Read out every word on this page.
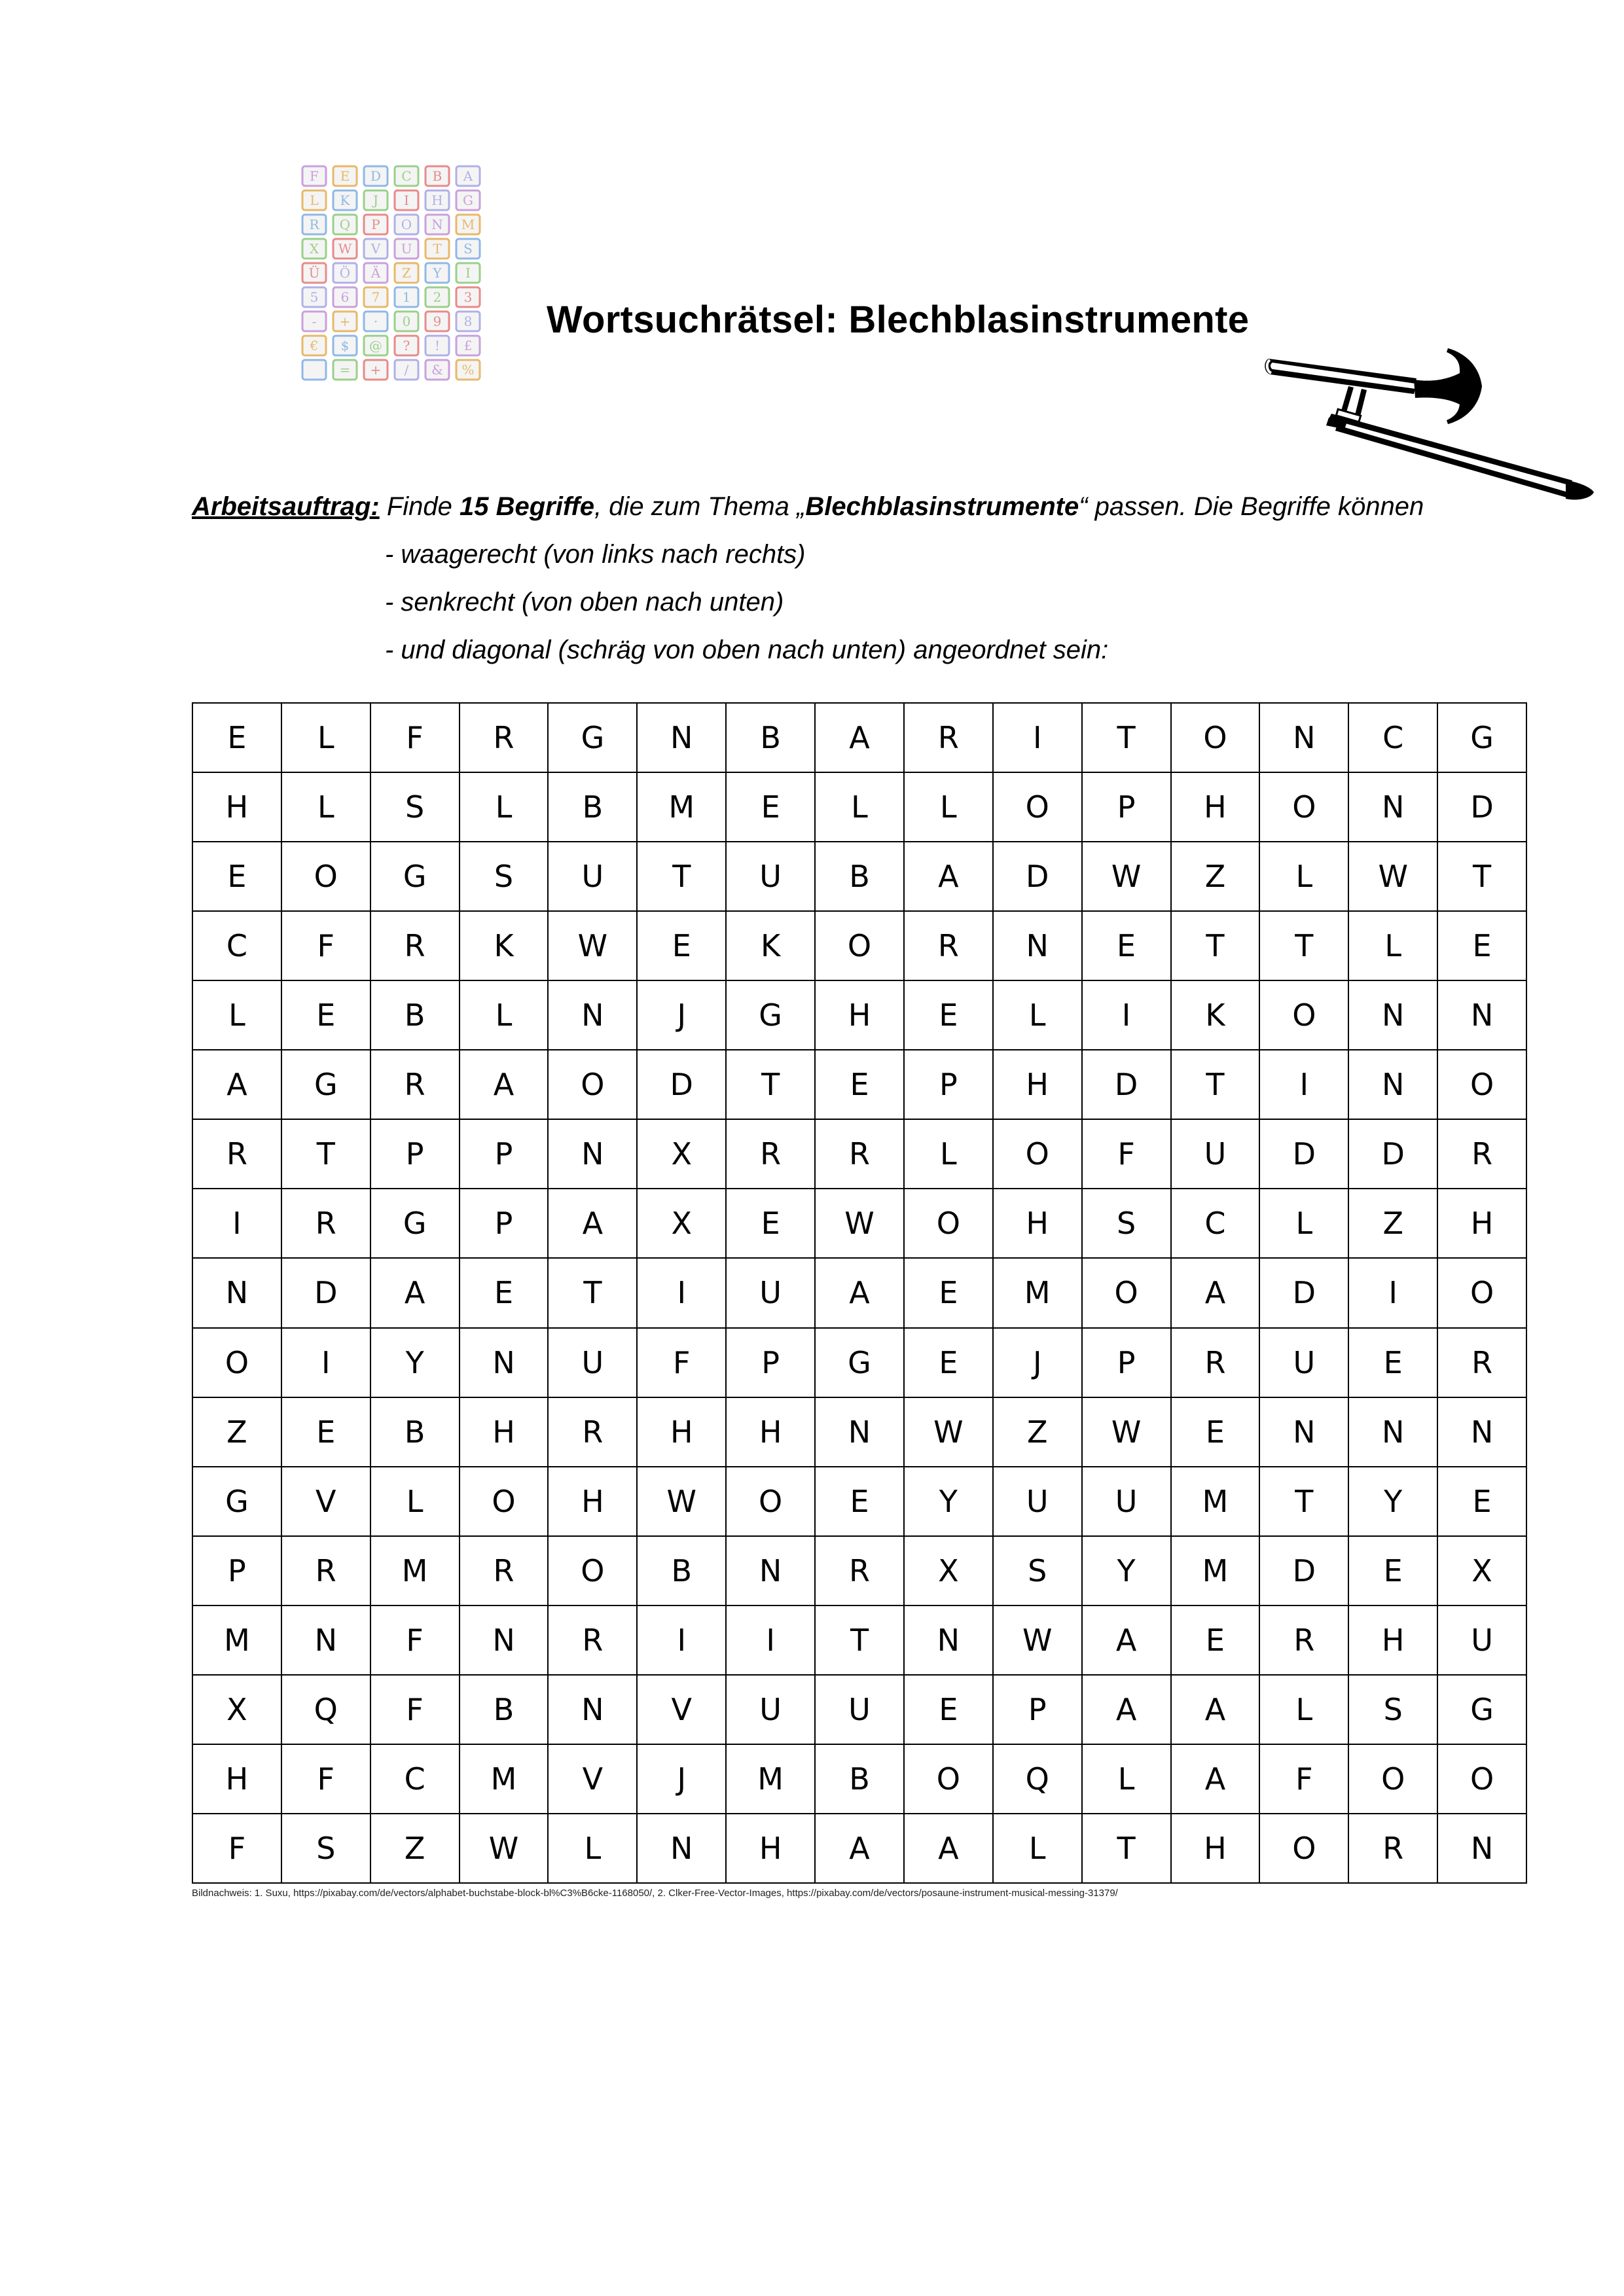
F E D C B A
L K J I H G
R Q P O N M
X W V U T S
Ü Ö Ä Z Y I
5 6 7 1 2 3
- + · 0 9 8
€ $ @ ? ! £
= + / & %
Wortsuchrätsel: Blechblasinstrumente
Arbeitsauftrag: Finde 15 Begriffe, die zum Thema „Blechblasinstrumente“ passen. Die Begriffe können
- waagerecht (von links nach rechts)
- senkrecht (von oben nach unten)
- und diagonal (schräg von oben nach unten) angeordnet sein:
E	L	F	R	G	N	B	A	R	I	T	O	N	C	G
H	L	S	L	B	M	E	L	L	O	P	H	O	N	D
E	O	G	S	U	T	U	B	A	D	W	Z	L	W	T
C	F	R	K	W	E	K	O	R	N	E	T	T	L	E
L	E	B	L	N	J	G	H	E	L	I	K	O	N	N
A	G	R	A	O	D	T	E	P	H	D	T	I	N	O
R	T	P	P	N	X	R	R	L	O	F	U	D	D	R
I	R	G	P	A	X	E	W	O	H	S	C	L	Z	H
N	D	A	E	T	I	U	A	E	M	O	A	D	I	O
O	I	Y	N	U	F	P	G	E	J	P	R	U	E	R
Z	E	B	H	R	H	H	N	W	Z	W	E	N	N	N
G	V	L	O	H	W	O	E	Y	U	U	M	T	Y	E
P	R	M	R	O	B	N	R	X	S	Y	M	D	E	X
M	N	F	N	R	I	I	T	N	W	A	E	R	H	U
X	Q	F	B	N	V	U	U	E	P	A	A	L	S	G
H	F	C	M	V	J	M	B	O	Q	L	A	F	O	O
F	S	Z	W	L	N	H	A	A	L	T	H	O	R	N
Bildnachweis: 1. Suxu, https://pixabay.com/de/vectors/alphabet-buchstabe-block-bl%C3%B6cke-1168050/, 2. Clker-Free-Vector-Images, https://pixabay.com/de/vectors/posaune-instrument-musical-messing-31379/
